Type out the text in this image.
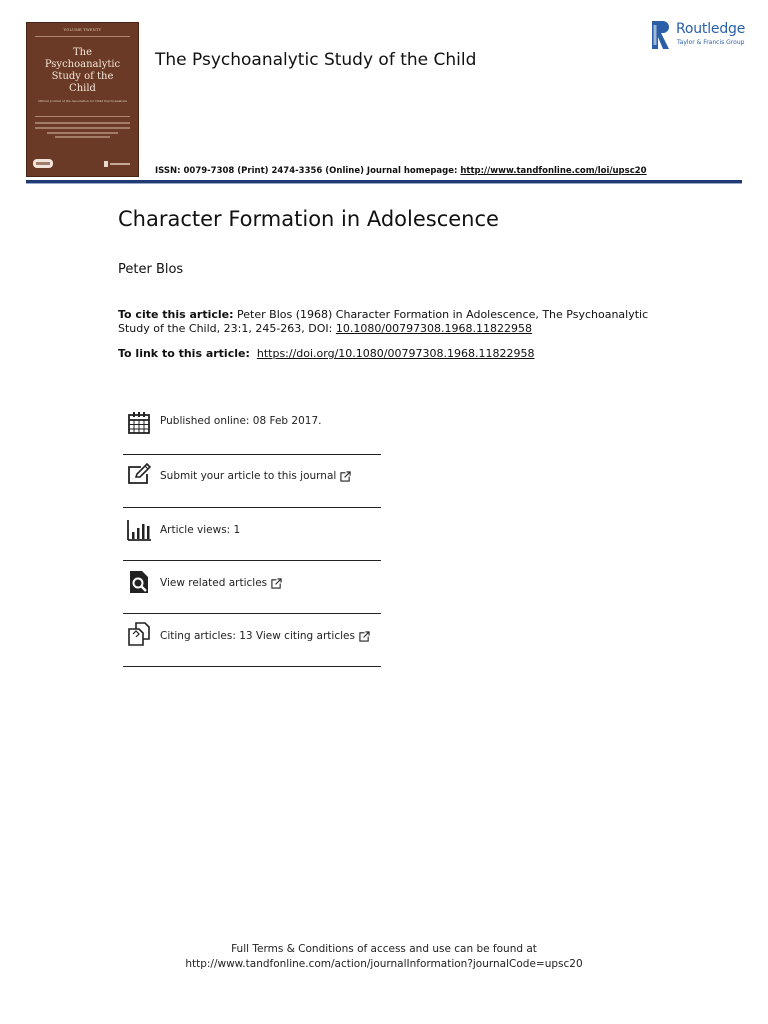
VOLUME TWENTY
The
Psychoanalytic
Study of the
Child
Official Journal of the Association for Child Psychoanalysis
The Psychoanalytic Study of the Child
Routledge
Taylor & Francis Group
ISSN: 0079-7308 (Print) 2474-3356 (Online) Journal homepage: http://www.tandfonline.com/loi/upsc20
Character Formation in Adolescence
Peter Blos
To cite this article: Peter Blos (1968) Character Formation in Adolescence, The Psychoanalytic Study of the Child, 23:1, 245-263, DOI: 10.1080/00797308.1968.11822958
To link to this article: https://doi.org/10.1080/00797308.1968.11822958
Published online: 08 Feb 2017.
Submit your article to this journal
Article views: 1
View related articles
Citing articles: 13 View citing articles
Full Terms & Conditions of access and use can be found at
http://www.tandfonline.com/action/journalInformation?journalCode=upsc20
